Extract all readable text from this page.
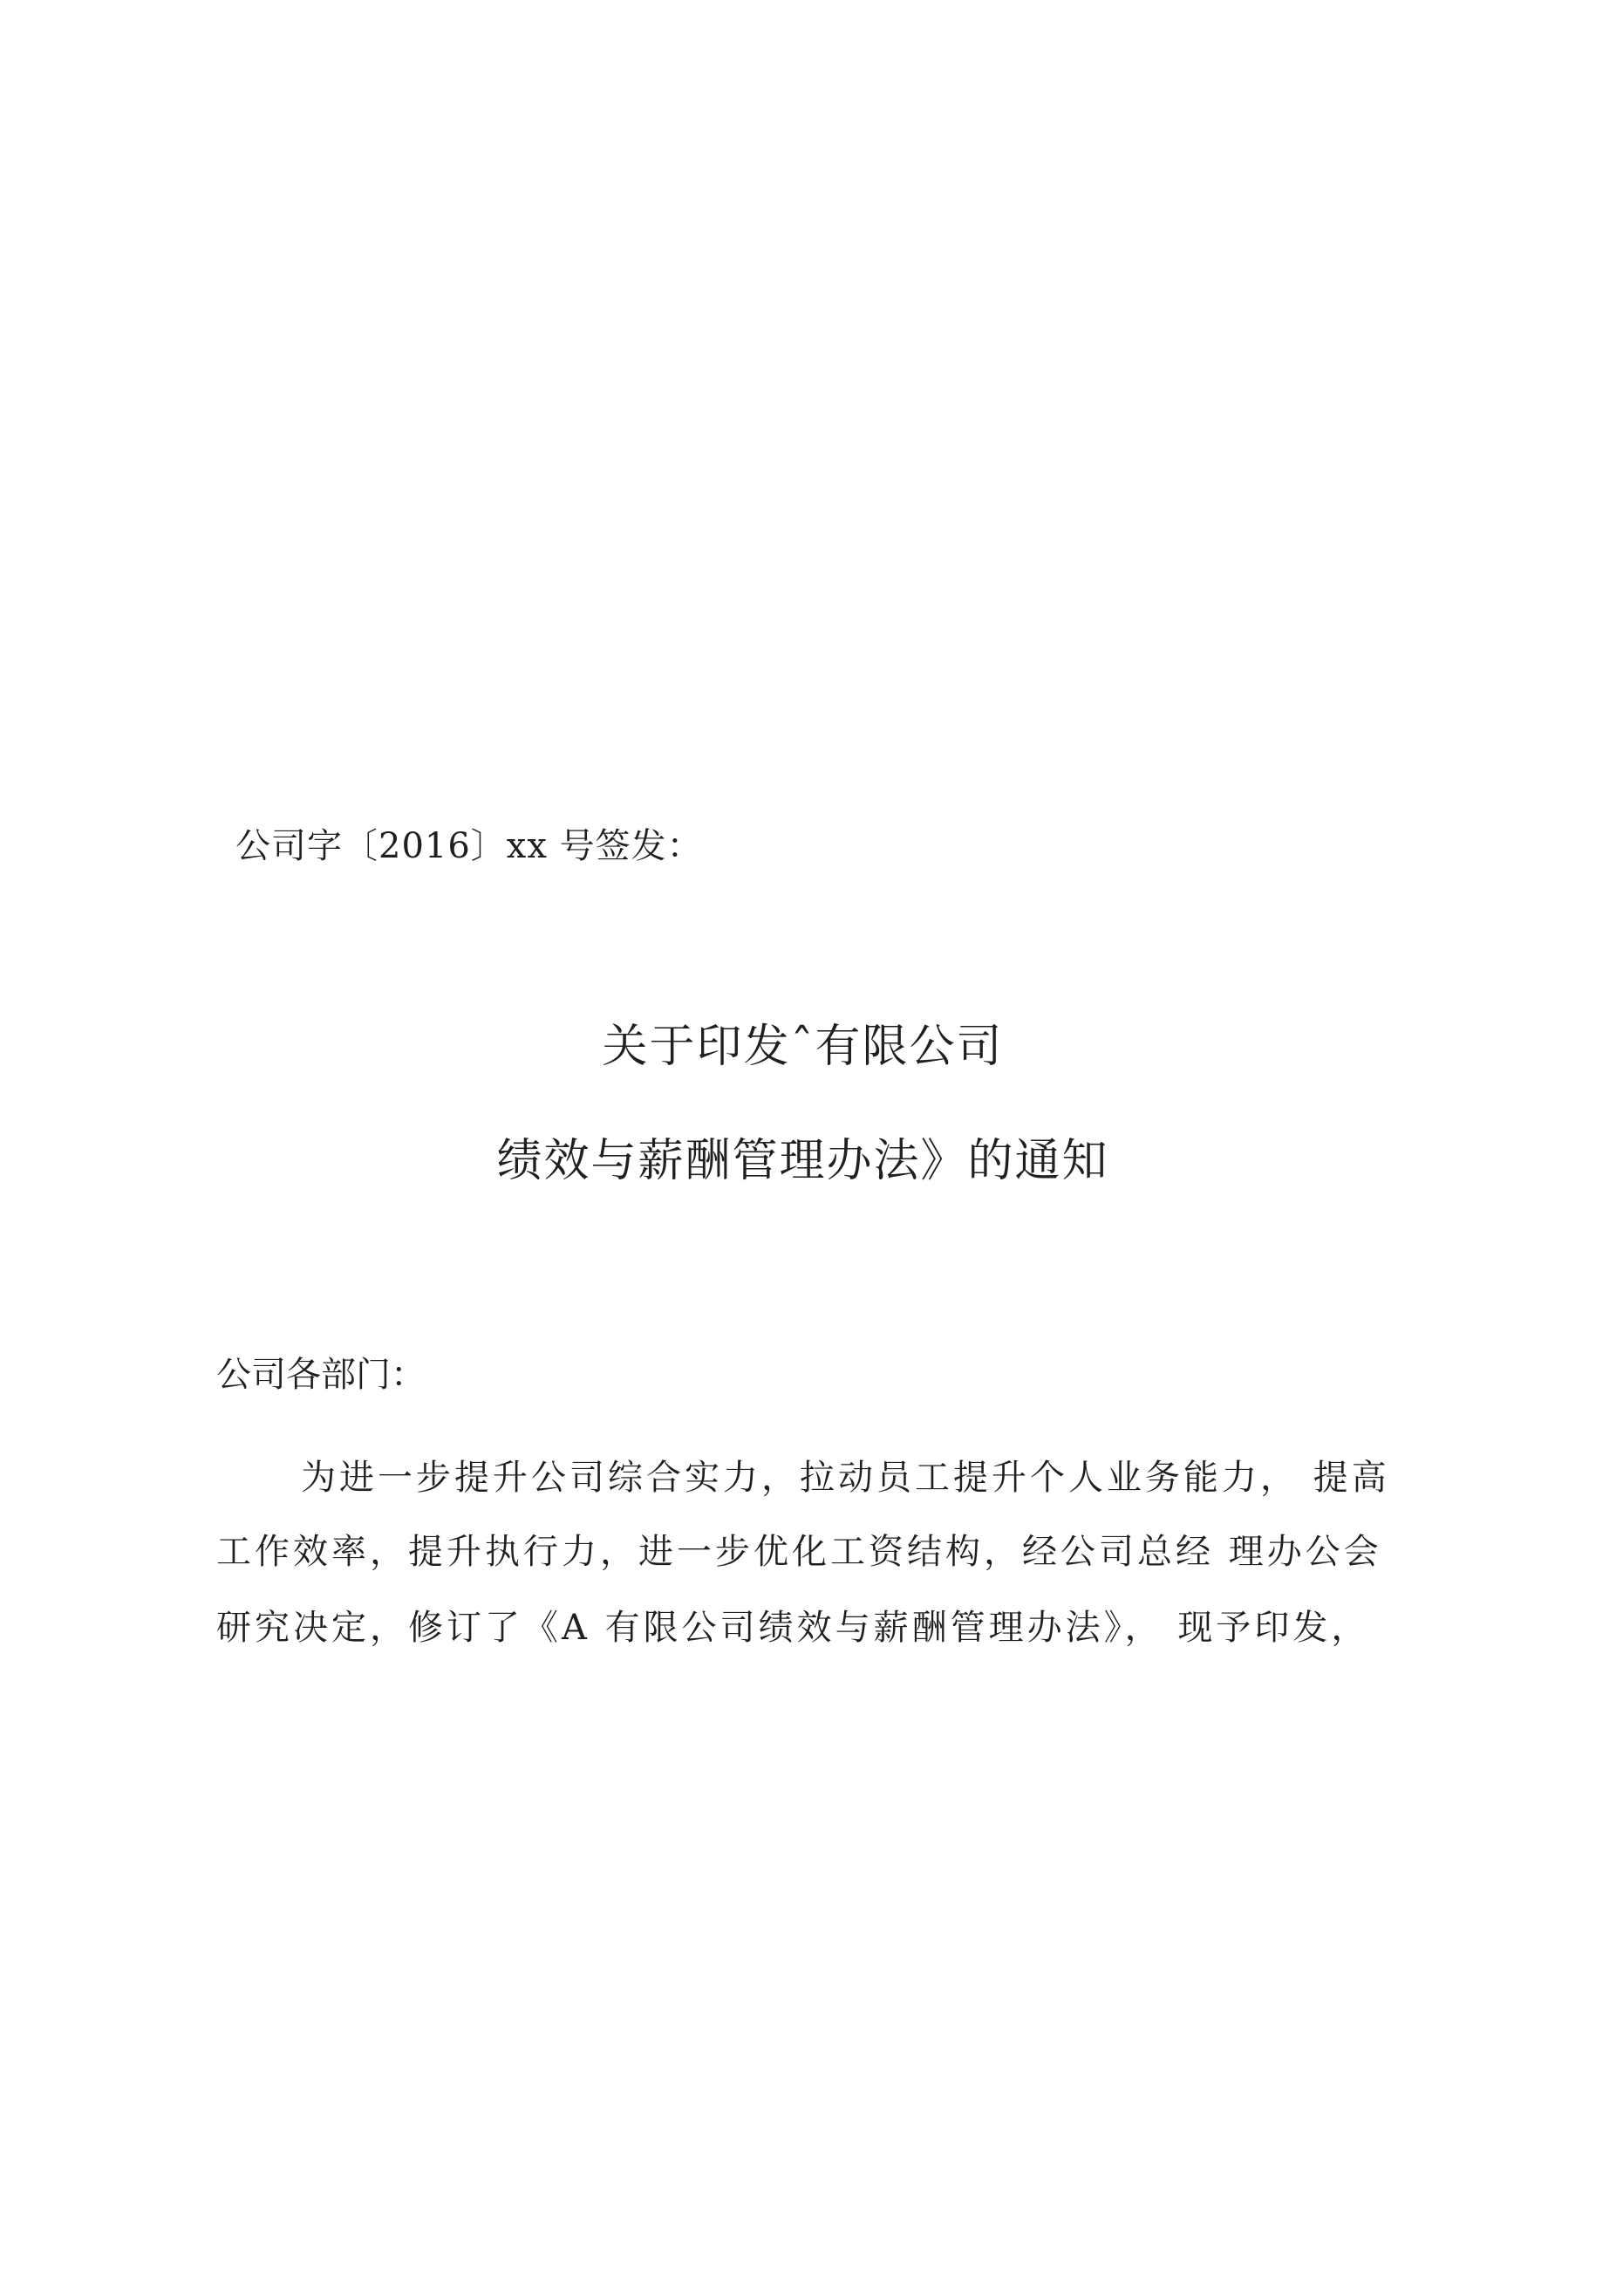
公司字〔2016〕xx 号签发：
关于印发ˆ有限公司
绩效与薪酬管理办法》的通知
公司各部门：
为进一步提升公司综合实力，拉动员工提升个人业务能力， 提高
工作效率，提升执行力，进一步优化工资结构，经公司总经 理办公会
研究决定，修订了《A 有限公司绩效与薪酬管理办法》， 现予印发，
